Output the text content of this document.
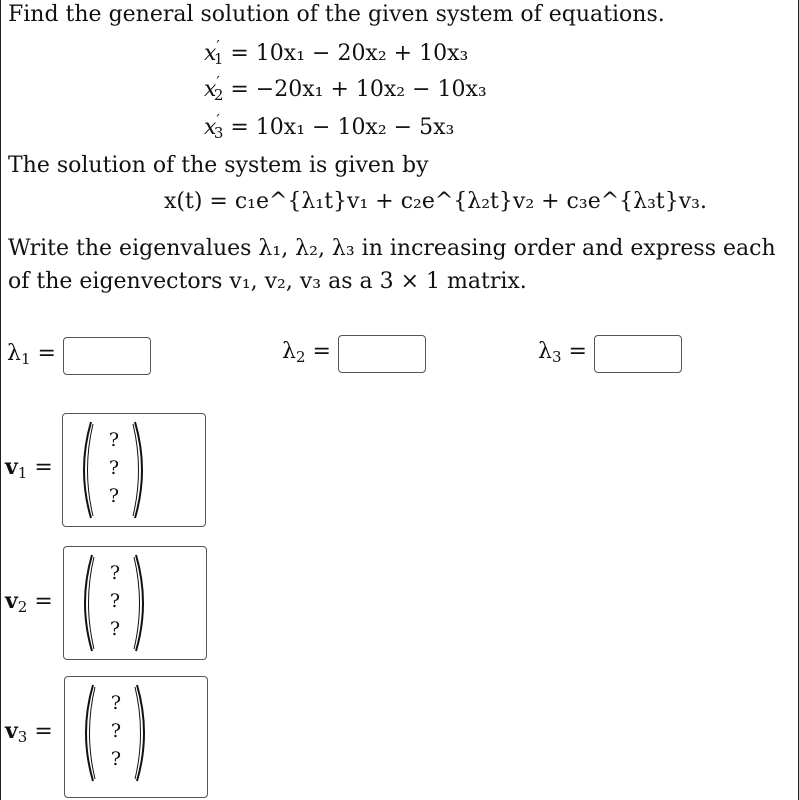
Find the general solution of the given system of equations.
$x'_1 = 10x_1 - 20x_2 + 10x_3$
$x'_2 = -20x_1 + 10x_2 - 10x_3$
$x'_3 = 10x_1 - 10x_2 - 5x_3$
The solution of the system is given by
x(t) = c₁e^{λ₁t}v₁ + c₂e^{λ₂t}v₂ + c₃e^{λ₃t}v₃.
Write the eigenvalues λ₁, λ₂, λ₃ in increasing order and express each
of the eigenvectors v₁, v₂, v₃ as a 3 × 1 matrix.
$\lambda_1$ =	$\lambda_2$ =	$\lambda_3$ =
$v_1$ =
?
?
?
$v_2$ =
?
?
?
$v_3$ =
?
?
?
